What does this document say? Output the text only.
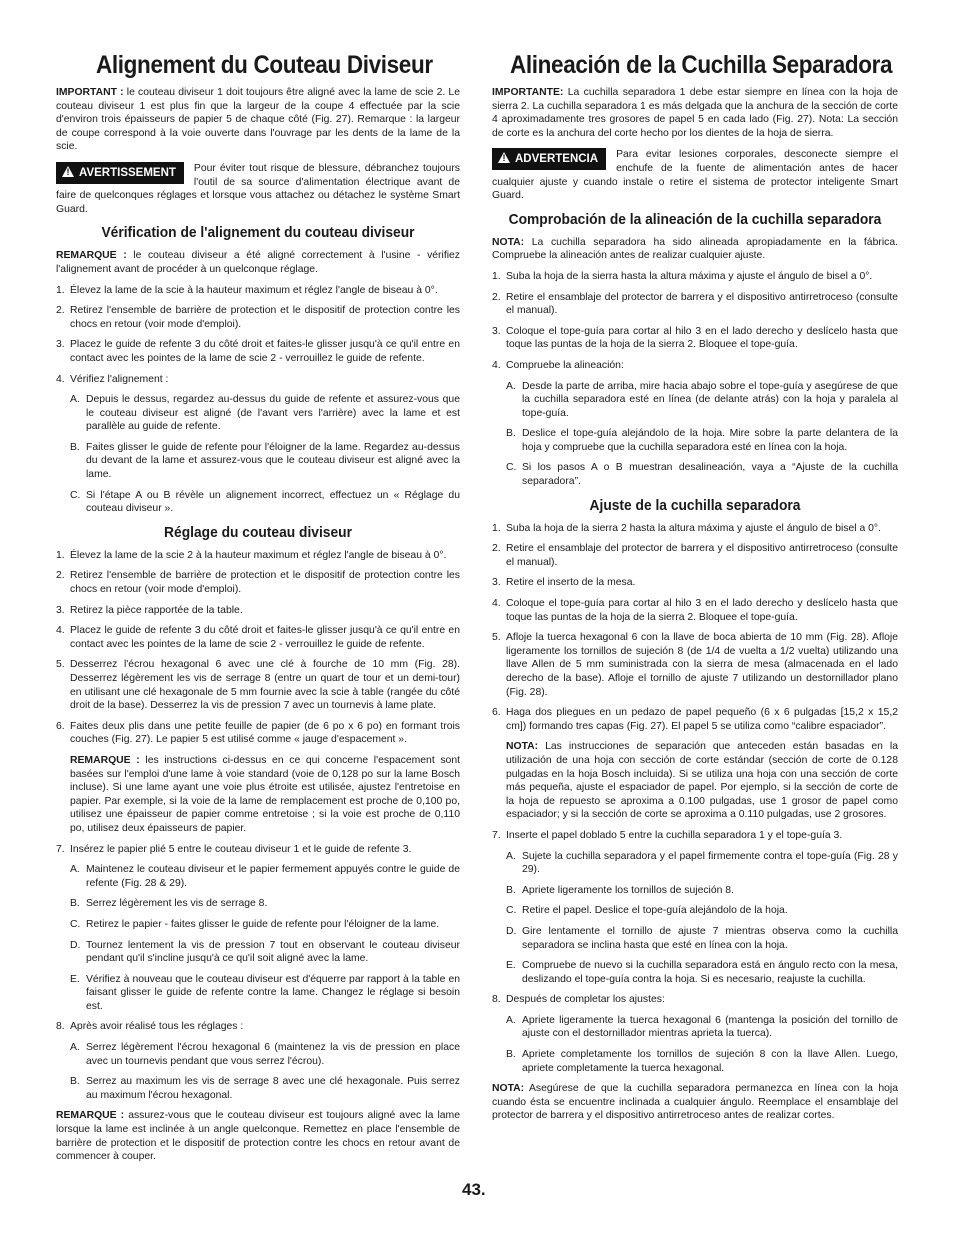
Alignement du Couteau Diviseur

IMPORTANT : le couteau diviseur 1 doit toujours être aligné avec la lame de scie 2. Le couteau diviseur 1 est plus fin que la largeur de la coupe 4 effectuée par la scie d'environ trois épaisseurs de papier 5 de chaque côté (Fig. 27). Remarque : la largeur de coupe correspond à la voie ouverte dans l'ouvrage par les dents de la lame de la scie.

! AVERTISSEMENT	Pour éviter tout risque de blessure, débranchez toujours l'outil de sa source d'alimentation électrique avant de faire de quelconques réglages et lorsque vous attachez ou détachez le système Smart Guard.

Vérification de l'alignement du couteau diviseur

REMARQUE : le couteau diviseur a été aligné correctement à l'usine - vérifiez l'alignement avant de procéder à un quelconque réglage.

1. Élevez la lame de la scie à la hauteur maximum et réglez l'angle de biseau à 0°.
2. Retirez l'ensemble de barrière de protection et le dispositif de protection contre les chocs en retour (voir mode d'emploi).
3. Placez le guide de refente 3 du côté droit et faites-le glisser jusqu'à ce qu'il entre en contact avec les pointes de la lame de scie 2 - verrouillez le guide de refente.
4. Vérifiez l'alignement :
A. Depuis le dessus, regardez au-dessus du guide de refente et assurez-vous que le couteau diviseur est aligné (de l'avant vers l'arrière) avec la lame et est parallèle au guide de refente.
B. Faites glisser le guide de refente pour l'éloigner de la lame. Regardez au-dessus du devant de la lame et assurez-vous que le couteau diviseur est aligné avec la lame.
C. Si l'étape A ou B révèle un alignement incorrect, effectuez un « Réglage du couteau diviseur ».
Réglage du couteau diviseur
1. Élevez la lame de la scie 2 à la hauteur maximum et réglez l'angle de biseau à 0°.
2. Retirez l'ensemble de barrière de protection et le dispositif de protection contre les chocs en retour (voir mode d'emploi).
3. Retirez la pièce rapportée de la table.
4. Placez le guide de refente 3 du côté droit et faites-le glisser jusqu'à ce qu'il entre en contact avec les pointes de la lame de scie 2 - verrouillez le guide de refente.
5. Desserrez l'écrou hexagonal 6 avec une clé à fourche de 10 mm (Fig. 28). Desserrez légèrement les vis de serrage 8 (entre un quart de tour et un demi-tour) en utilisant une clé hexagonale de 5 mm fournie avec la scie à table (rangée du côté droit de la base). Desserrez la vis de pression 7 avec un tournevis à lame plate.
6. Faites deux plis dans une petite feuille de papier (de 6 po x 6 po) en formant trois couches (Fig. 27). Le papier 5 est utilisé comme « jauge d'espacement ».

REMARQUE : les instructions ci-dessus en ce qui concerne l'espacement sont basées sur l'emploi d'une lame à voie standard (voie de 0,128 po sur la lame Bosch incluse). Si une lame ayant une voie plus étroite est utilisée, ajustez l'entretoise en papier. Par exemple, si la voie de la lame de remplacement est proche de 0,100 po, utilisez une épaisseur de papier comme entretoise ; si la voie est proche de 0,110 po, utilisez deux épaisseurs de papier.

7. Insérez le papier plié 5 entre le couteau diviseur 1 et le guide de refente 3.
A. Maintenez le couteau diviseur et le papier fermement appuyés contre le guide de refente (Fig. 28 & 29).
B. Serrez légèrement les vis de serrage 8.
C. Retirez le papier - faites glisser le guide de refente pour l'éloigner de la lame.
D. Tournez lentement la vis de pression 7 tout en observant le couteau diviseur pendant qu'il s'incline jusqu'à ce qu'il soit aligné avec la lame.
E. Vérifiez à nouveau que le couteau diviseur est d'équerre par rapport à la table en faisant glisser le guide de refente contre la lame. Changez le réglage si besoin est.
8. Après avoir réalisé tous les réglages :
A. Serrez légèrement l'écrou hexagonal 6 (maintenez la vis de pression en place avec un tournevis pendant que vous serrez l'écrou).
B. Serrez au maximum les vis de serrage 8 avec une clé hexagonale. Puis serrez au maximum l'écrou hexagonal.

REMARQUE : assurez-vous que le couteau diviseur est toujours aligné avec la lame lorsque la lame est inclinée à un angle quelconque. Remettez en place l'ensemble de barrière de protection et le dispositif de protection contre les chocs en retour avant de commencer à couper.

Alineación de la Cuchilla Separadora

IMPORTANTE: La cuchilla separadora 1 debe estar siempre en línea con la hoja de sierra 2. La cuchilla separadora 1 es más delgada que la anchura de la sección de corte 4 aproximadamente tres grosores de papel 5 en cada lado (Fig. 27). Nota: La sección de corte es la anchura del corte hecho por los dientes de la hoja de sierra.

! ADVERTENCIA	Para evitar lesiones corporales, desconecte siempre el enchufe de la fuente de alimentación antes de hacer cualquier ajuste y cuando instale o retire el sistema de protector inteligente Smart Guard.

Comprobación de la alineación de la cuchilla separadora

NOTA: La cuchilla separadora ha sido alineada apropiadamente en la fábrica. Compruebe la alineación antes de realizar cualquier ajuste.

1. Suba la hoja de la sierra hasta la altura máxima y ajuste el ángulo de bisel a 0°.
2. Retire el ensamblaje del protector de barrera y el dispositivo antirretroceso (consulte el manual).
3. Coloque el tope-guía para cortar al hilo 3 en el lado derecho y deslícelo hasta que toque las puntas de la hoja de la sierra 2. Bloquee el tope-guía.
4. Compruebe la alineación:
A. Desde la parte de arriba, mire hacia abajo sobre el tope-guía y asegúrese de que la cuchilla separadora esté en línea (de delante atrás) con la hoja y paralela al tope-guía.
B. Deslice el tope-guía alejándolo de la hoja. Mire sobre la parte delantera de la hoja y compruebe que la cuchilla separadora esté en línea con la hoja.
C. Si los pasos A o B muestran desalineación, vaya a “Ajuste de la cuchilla separadora”.
Ajuste de la cuchilla separadora
1. Suba la hoja de la sierra 2 hasta la altura máxima y ajuste el ángulo de bisel a 0°.
2. Retire el ensamblaje del protector de barrera y el dispositivo antirretroceso (consulte el manual).
3. Retire el inserto de la mesa.
4. Coloque el tope-guía para cortar al hilo 3 en el lado derecho y deslícelo hasta que toque las puntas de la hoja de la sierra 2. Bloquee el tope-guía.
5. Afloje la tuerca hexagonal 6 con la llave de boca abierta de 10 mm (Fig. 28). Afloje ligeramente los tornillos de sujeción 8 (de 1/4 de vuelta a 1/2 vuelta) utilizando una llave Allen de 5 mm suministrada con la sierra de mesa (almacenada en el lado derecho de la base). Afloje el tornillo de ajuste 7 utilizando un destornillador plano (Fig. 28).
6. Haga dos pliegues en un pedazo de papel pequeño (6 x 6 pulgadas [15,2 x 15,2 cm]) formando tres capas (Fig. 27). El papel 5 se utiliza como “calibre espaciador”.

NOTA: Las instrucciones de separación que anteceden están basadas en la utilización de una hoja con sección de corte estándar (sección de corte de 0.128 pulgadas en la hoja Bosch incluida). Si se utiliza una hoja con una sección de corte más pequeña, ajuste el espaciador de papel. Por ejemplo, si la sección de corte de la hoja de repuesto se aproxima a 0.100 pulgadas, use 1 grosor de papel como espaciador; y si la sección de corte se aproxima a 0.110 pulgadas, use 2 grosores.

7. Inserte el papel doblado 5 entre la cuchilla separadora 1 y el tope-guía 3.
A. Sujete la cuchilla separadora y el papel firmemente contra el tope-guía (Fig. 28 y 29).
B. Apriete ligeramente los tornillos de sujeción 8.
C. Retire el papel. Deslice el tope-guía alejándolo de la hoja.
D. Gire lentamente el tornillo de ajuste 7 mientras observa como la cuchilla separadora se inclina hasta que esté en línea con la hoja.
E. Compruebe de nuevo si la cuchilla separadora está en ángulo recto con la mesa, deslizando el tope-guía contra la hoja. Si es necesario, reajuste la cuchilla.
8. Después de completar los ajustes:
A. Apriete ligeramente la tuerca hexagonal 6 (mantenga la posición del tornillo de ajuste con el destornillador mientras aprieta la tuerca).
B. Apriete completamente los tornillos de sujeción 8 con la llave Allen. Luego, apriete completamente la tuerca hexagonal.

NOTA: Asegúrese de que la cuchilla separadora permanezca en línea con la hoja cuando ésta se encuentre inclinada a cualquier ángulo. Reemplace el ensamblaje del protector de barrera y el dispositivo antirretroceso antes de realizar cortes.

43.
